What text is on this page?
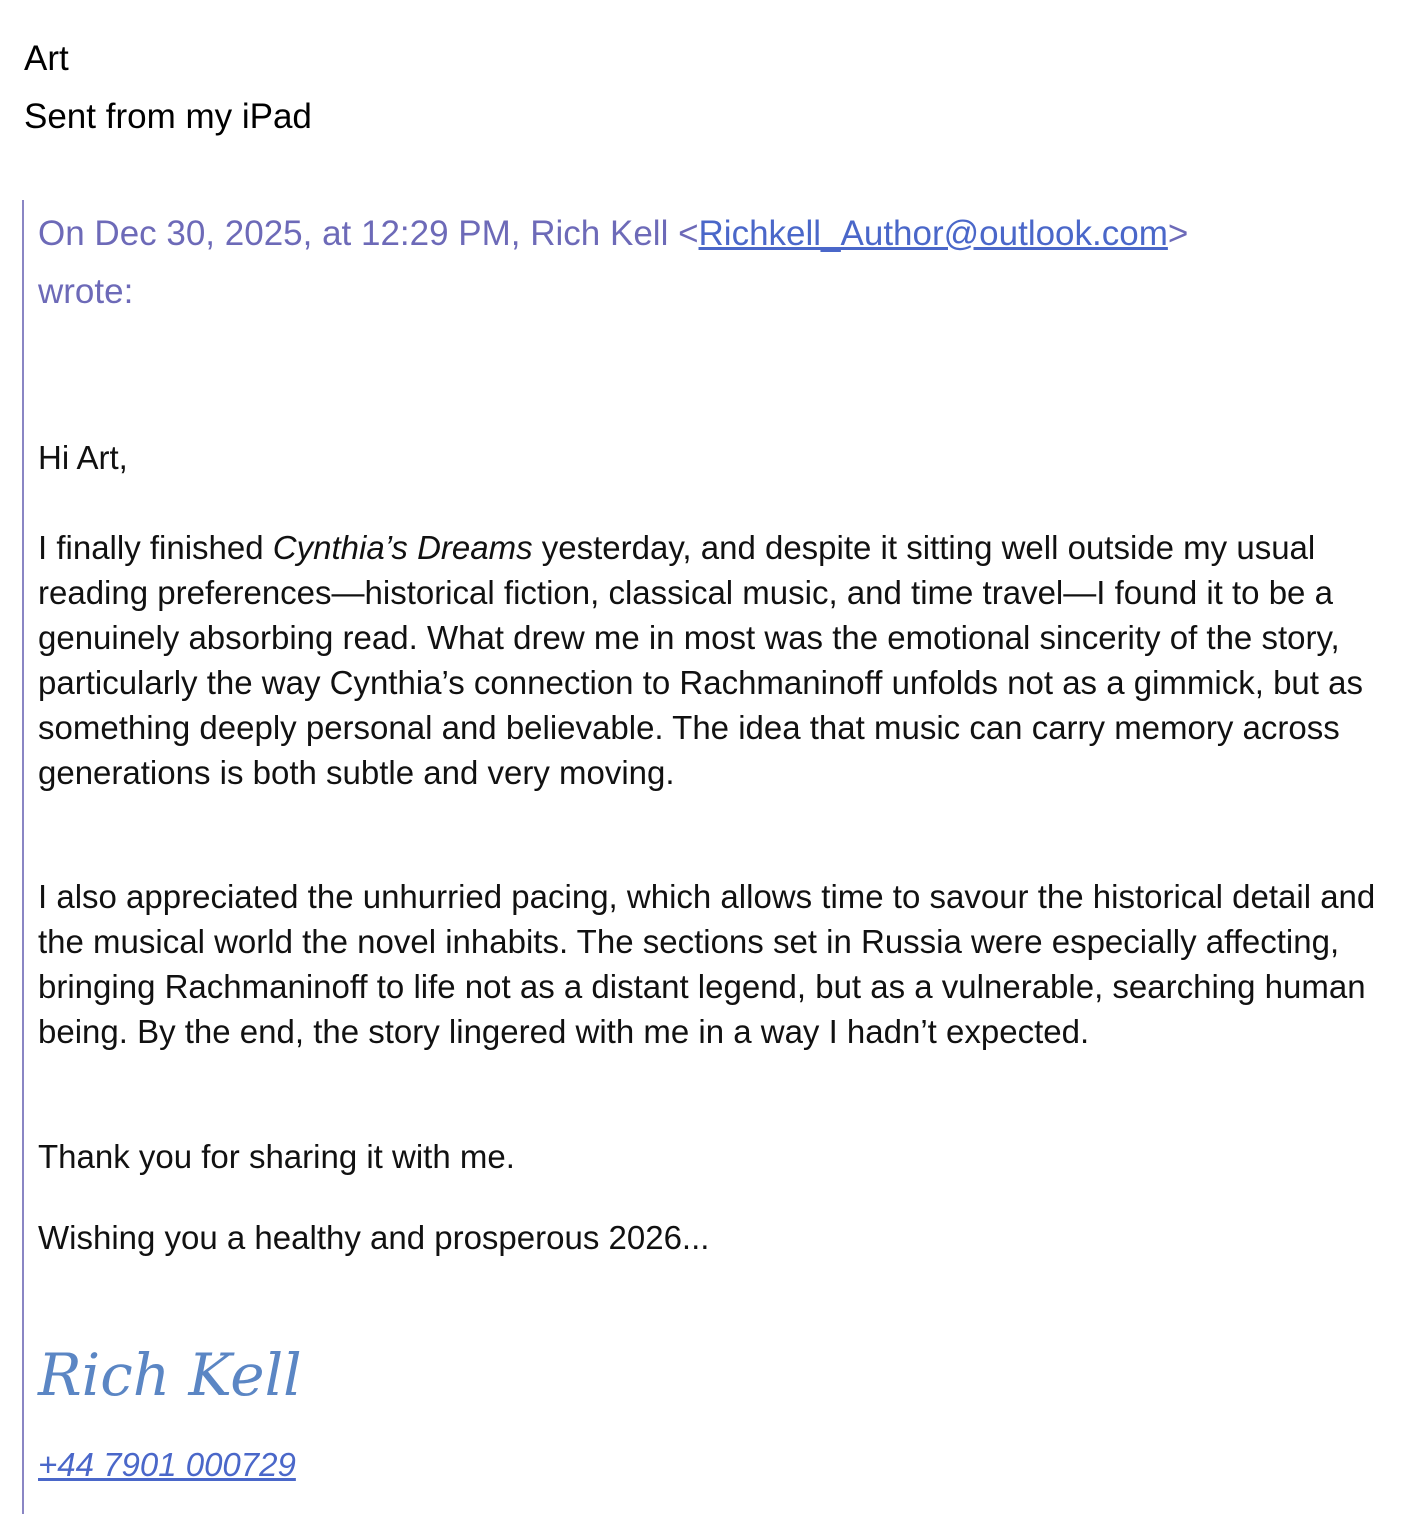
Art
Sent from my iPad
On Dec 30, 2025, at 12:29 PM, Rich Kell <Richkell_Author@outlook.com>
wrote:
Hi Art,
I finally finished Cynthia’s Dreams yesterday, and despite it sitting well outside my usual reading preferences—historical fiction, classical music, and time travel—I found it to be a genuinely absorbing read. What drew me in most was the emotional sincerity of the story, particularly the way Cynthia’s connection to Rachmaninoff unfolds not as a gimmick, but as something deeply personal and believable. The idea that music can carry memory across generations is both subtle and very moving.
I also appreciated the unhurried pacing, which allows time to savour the historical detail and the musical world the novel inhabits. The sections set in Russia were especially affecting, bringing Rachmaninoff to life not as a distant legend, but as a vulnerable, searching human being. By the end, the story lingered with me in a way I hadn’t expected.
Thank you for sharing it with me.
Wishing you a healthy and prosperous 2026...
Rich Kell
+44 7901 000729
